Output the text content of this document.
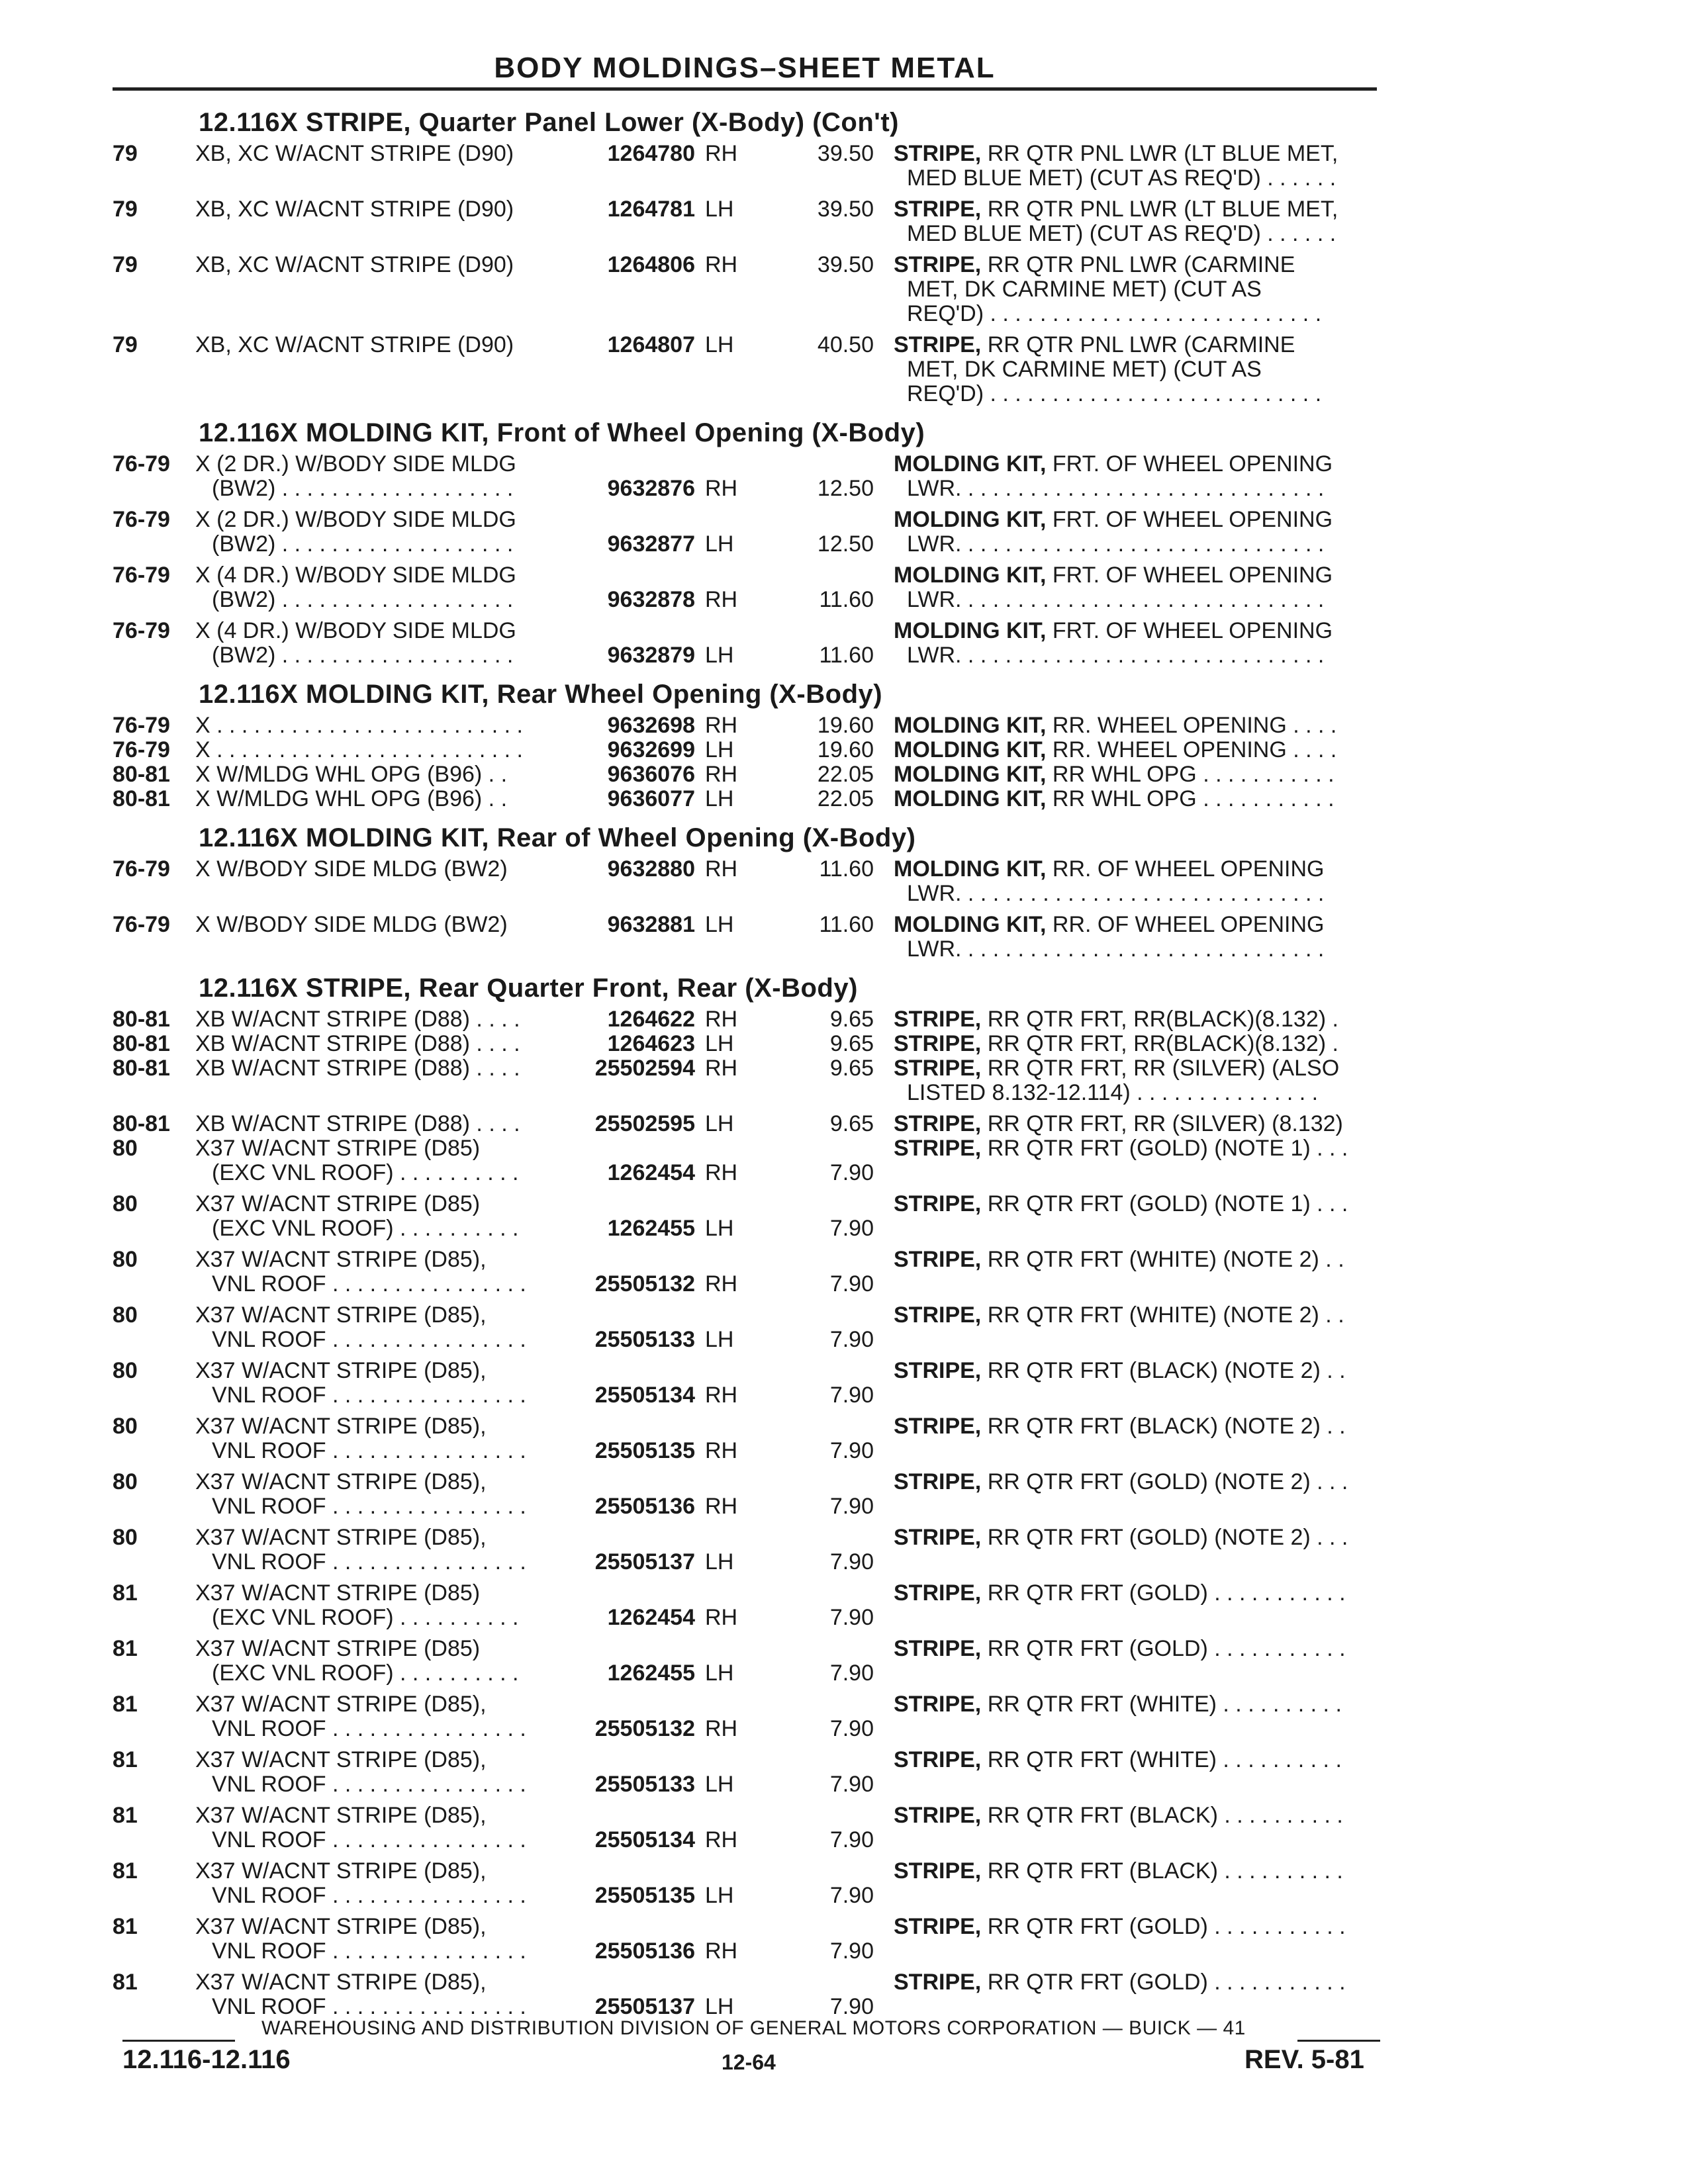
BODY MOLDINGS–SHEET METAL
12.116X STRIPE, Quarter Panel Lower (X-Body) (Con't)
79	XB, XC W/ACNT STRIPE (D90)	1264780 RH	39.50 STRIPE, RR QTR PNL LWR (LT BLUE MET,
MED BLUE MET) (CUT AS REQ'D) . . . . . .
79	XB, XC W/ACNT STRIPE (D90)	1264781 LH	39.50 STRIPE, RR QTR PNL LWR (LT BLUE MET,
MED BLUE MET) (CUT AS REQ'D) . . . . . .
79	XB, XC W/ACNT STRIPE (D90)	1264806 RH	39.50 STRIPE, RR QTR PNL LWR (CARMINE
MET, DK CARMINE MET) (CUT AS
REQ'D) . . . . . . . . . . . . . . . . . . . . . . . . . . .
79	XB, XC W/ACNT STRIPE (D90)	1264807 LH	40.50 STRIPE, RR QTR PNL LWR (CARMINE
MET, DK CARMINE MET) (CUT AS
REQ'D) . . . . . . . . . . . . . . . . . . . . . . . . . . .
12.116X MOLDING KIT, Front of Wheel Opening (X-Body)
76-79	X (2 DR.) W/BODY SIDE MLDG
(BW2) . . . . . . . . . . . . . . . . . . .	9632876 RH	12.50
MOLDING KIT, FRT. OF WHEEL OPENING
LWR. . . . . . . . . . . . . . . . . . . . . . . . . . . . . .
76-79	X (2 DR.) W/BODY SIDE MLDG
(BW2) . . . . . . . . . . . . . . . . . . .	9632877 LH	12.50
MOLDING KIT, FRT. OF WHEEL OPENING
LWR. . . . . . . . . . . . . . . . . . . . . . . . . . . . . .
76-79	X (4 DR.) W/BODY SIDE MLDG
(BW2) . . . . . . . . . . . . . . . . . . .	9632878 RH	11.60
MOLDING KIT, FRT. OF WHEEL OPENING
LWR. . . . . . . . . . . . . . . . . . . . . . . . . . . . . .
76-79	X (4 DR.) W/BODY SIDE MLDG
(BW2) . . . . . . . . . . . . . . . . . . .	9632879 LH	11.60
MOLDING KIT, FRT. OF WHEEL OPENING
LWR. . . . . . . . . . . . . . . . . . . . . . . . . . . . . .
12.116X MOLDING KIT, Rear Wheel Opening (X-Body)
76-79	X . . . . . . . . . . . . . . . . . . . . . . . . .	9632698 RH	19.60 MOLDING KIT, RR. WHEEL OPENING . . . .
76-79	X . . . . . . . . . . . . . . . . . . . . . . . . .	9632699 LH	19.60 MOLDING KIT, RR. WHEEL OPENING . . . .
80-81	X W/MLDG WHL OPG (B96) . .	9636076 RH	22.05 MOLDING KIT, RR WHL OPG . . . . . . . . . . .
80-81	X W/MLDG WHL OPG (B96) . .	9636077 LH	22.05 MOLDING KIT, RR WHL OPG . . . . . . . . . . .
12.116X MOLDING KIT, Rear of Wheel Opening (X-Body)
76-79	X W/BODY SIDE MLDG (BW2)	9632880 RH	11.60 MOLDING KIT, RR. OF WHEEL OPENING
LWR. . . . . . . . . . . . . . . . . . . . . . . . . . . . . .
76-79	X W/BODY SIDE MLDG (BW2)	9632881 LH	11.60 MOLDING KIT, RR. OF WHEEL OPENING
LWR. . . . . . . . . . . . . . . . . . . . . . . . . . . . . .
12.116X STRIPE, Rear Quarter Front, Rear (X-Body)
80-81	XB W/ACNT STRIPE (D88) . . . .	1264622 RH	9.65 STRIPE, RR QTR FRT, RR(BLACK)(8.132) .
80-81	XB W/ACNT STRIPE (D88) . . . .	1264623 LH	9.65 STRIPE, RR QTR FRT, RR(BLACK)(8.132) .
80-81	XB W/ACNT STRIPE (D88) . . . .	25502594 RH	9.65 STRIPE, RR QTR FRT, RR (SILVER) (ALSO
LISTED 8.132-12.114) . . . . . . . . . . . . . . .
80-81	XB W/ACNT STRIPE (D88) . . . .	25502595 LH	9.65 STRIPE, RR QTR FRT, RR (SILVER) (8.132)
80	X37 W/ACNT STRIPE (D85)
(EXC VNL ROOF) . . . . . . . . . .	1262454 RH	7.90
STRIPE, RR QTR FRT (GOLD) (NOTE 1) . . .
80	X37 W/ACNT STRIPE (D85)
(EXC VNL ROOF) . . . . . . . . . .	1262455 LH	7.90
STRIPE, RR QTR FRT (GOLD) (NOTE 1) . . .
80	X37 W/ACNT STRIPE (D85),
VNL ROOF . . . . . . . . . . . . . . . .	25505132 RH	7.90
STRIPE, RR QTR FRT (WHITE) (NOTE 2) . .
80	X37 W/ACNT STRIPE (D85),
VNL ROOF . . . . . . . . . . . . . . . .	25505133 LH	7.90
STRIPE, RR QTR FRT (WHITE) (NOTE 2) . .
80	X37 W/ACNT STRIPE (D85),
VNL ROOF . . . . . . . . . . . . . . . .	25505134 RH	7.90
STRIPE, RR QTR FRT (BLACK) (NOTE 2) . .
80	X37 W/ACNT STRIPE (D85),
VNL ROOF . . . . . . . . . . . . . . . .	25505135 RH	7.90
STRIPE, RR QTR FRT (BLACK) (NOTE 2) . .
80	X37 W/ACNT STRIPE (D85),
VNL ROOF . . . . . . . . . . . . . . . .	25505136 RH	7.90
STRIPE, RR QTR FRT (GOLD) (NOTE 2) . . .
80	X37 W/ACNT STRIPE (D85),
VNL ROOF . . . . . . . . . . . . . . . .	25505137 LH	7.90
STRIPE, RR QTR FRT (GOLD) (NOTE 2) . . .
81	X37 W/ACNT STRIPE (D85)
(EXC VNL ROOF) . . . . . . . . . .	1262454 RH	7.90
STRIPE, RR QTR FRT (GOLD) . . . . . . . . . . .
81	X37 W/ACNT STRIPE (D85)
(EXC VNL ROOF) . . . . . . . . . .	1262455 LH	7.90
STRIPE, RR QTR FRT (GOLD) . . . . . . . . . . .
81	X37 W/ACNT STRIPE (D85),
VNL ROOF . . . . . . . . . . . . . . . .	25505132 RH	7.90
STRIPE, RR QTR FRT (WHITE) . . . . . . . . . .
81	X37 W/ACNT STRIPE (D85),
VNL ROOF . . . . . . . . . . . . . . . .	25505133 LH	7.90
STRIPE, RR QTR FRT (WHITE) . . . . . . . . . .
81	X37 W/ACNT STRIPE (D85),
VNL ROOF . . . . . . . . . . . . . . . .	25505134 RH	7.90
STRIPE, RR QTR FRT (BLACK) . . . . . . . . . .
81	X37 W/ACNT STRIPE (D85),
VNL ROOF . . . . . . . . . . . . . . . .	25505135 LH	7.90
STRIPE, RR QTR FRT (BLACK) . . . . . . . . . .
81	X37 W/ACNT STRIPE (D85),
VNL ROOF . . . . . . . . . . . . . . . .	25505136 RH	7.90
STRIPE, RR QTR FRT (GOLD) . . . . . . . . . . .
81	X37 W/ACNT STRIPE (D85),
VNL ROOF . . . . . . . . . . . . . . . .	25505137 LH	7.90
STRIPE, RR QTR FRT (GOLD) . . . . . . . . . . .
WAREHOUSING AND DISTRIBUTION DIVISION OF GENERAL MOTORS CORPORATION — BUICK — 41
12.116-12.116	12-64	REV. 5-81
